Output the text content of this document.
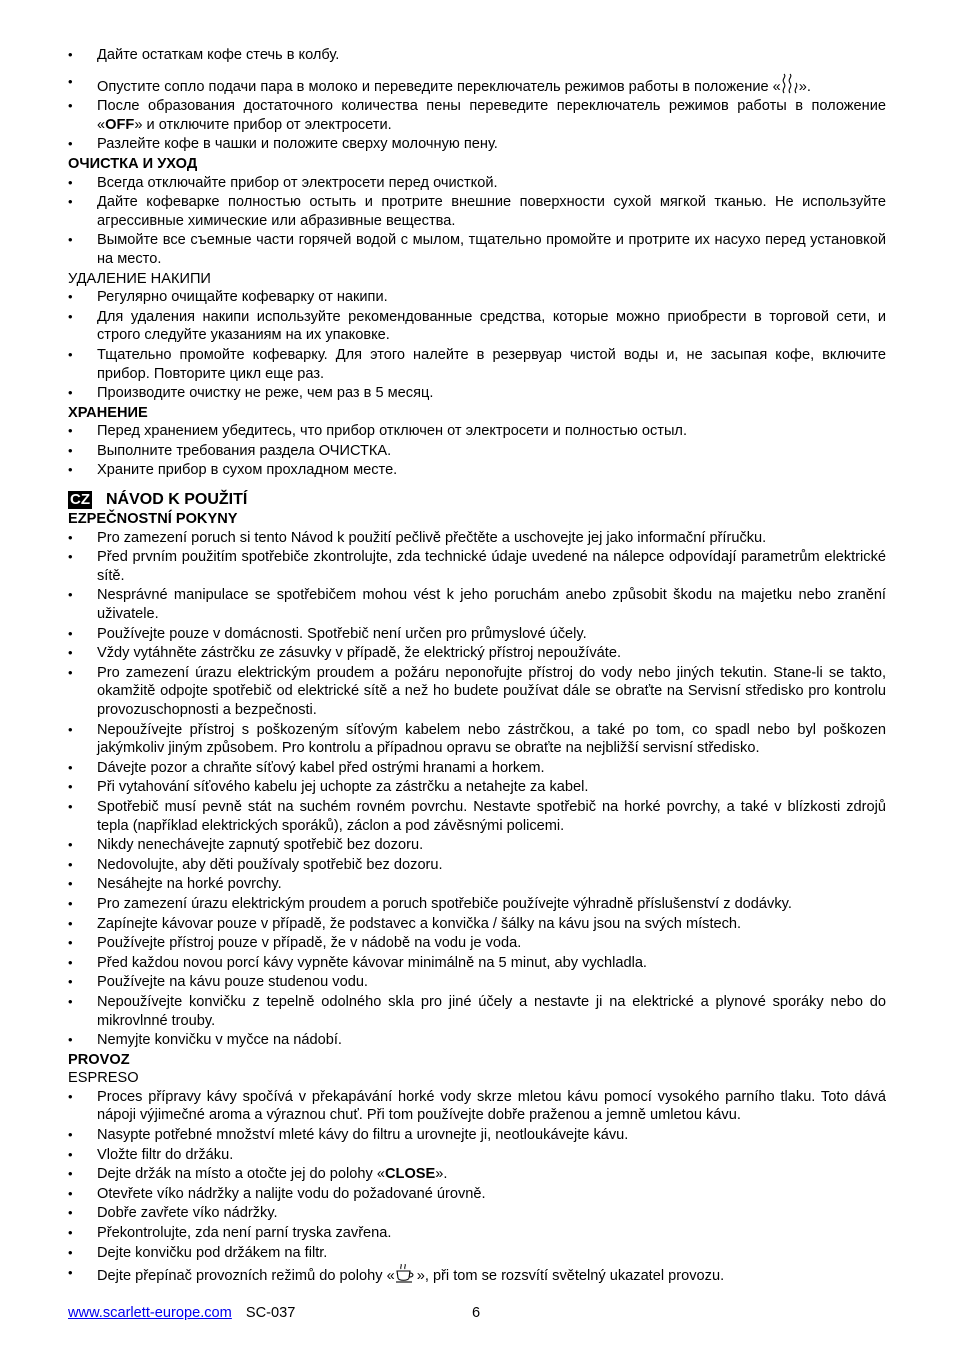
• Дайте остаткам кофе стечь в колбу.
• Опустите сопло подачи пара в молоко и переведите переключатель режимов работы в положение « ».
• После образования достаточного количества пены переведите переключатель режимов работы в положение «OFF» и отключите прибор от электросети.
• Разлейте кофе в чашки и положите сверху молочную пену.
ОЧИСТКА И УХОД
• Всегда отключайте прибор от электросети перед очисткой.
• Дайте кофеварке полностью остыть и протрите внешние поверхности сухой мягкой тканью. Не используйте агрессивные химические или абразивные вещества.
• Вымойте все съемные части горячей водой с мылом, тщательно промойте и протрите их насухо перед установкой на место.
УДАЛЕНИЕ НАКИПИ
• Регулярно очищайте кофеварку от накипи.
• Для удаления накипи используйте рекомендованные средства, которые можно приобрести в торговой сети, и строго следуйте указаниям на их упаковке.
• Тщательно промойте кофеварку. Для этого налейте в резервуар чистой воды и, не засыпая кофе, включите прибор. Повторите цикл еще раз.
• Производите очистку не реже, чем раз в 5 месяц.
ХРАНЕНИЕ
• Перед хранением убедитесь, что прибор отключен от электросети и полностью остыл.
• Выполните требования раздела ОЧИСТКА.
• Храните прибор в сухом прохладном месте.
CZ NÁVOD K POUŽITÍ
EZPEČNOSTNÍ POKYNY
• Pro zamezení poruch si tento Návod k použití pečlivě přečtěte a uschovejte jej jako informační příručku.
• Před prvním použitím spotřebiče zkontrolujte, zda technické údaje uvedené na nálepce odpovídají parametrům elektrické sítě.
• Nesprávné manipulace se spotřebičem mohou vést k jeho poruchám anebo způsobit škodu na majetku nebo zranění uživatele.
• Používejte pouze v domácnosti. Spotřebič není určen pro průmyslové účely.
• Vždy vytáhněte zástrčku ze zásuvky v případě, že elektrický přístroj nepoužíváte.
• Pro zamezení úrazu elektrickým proudem a požáru neponořujte přístroj do vody nebo jiných tekutin. Stane-li se takto, okamžitě odpojte spotřebič od elektrické sítě a než ho budete používat dále se obraťte na Servisní středisko pro kontrolu provozuschopnosti a bezpečnosti.
• Nepoužívejte přístroj s poškozeným síťovým kabelem nebo zástrčkou, a také po tom, co spadl nebo byl poškozen jakýmkoliv jiným způsobem. Pro kontrolu a případnou opravu se obraťte na nejbližší servisní středisko.
• Dávejte pozor a chraňte síťový kabel před ostrými hranami a horkem.
• Při vytahování síťového kabelu jej uchopte za zástrčku a netahejte za kabel.
• Spotřebič musí pevně stát na suchém rovném povrchu. Nestavte spotřebič na horké povrchy, a také v blízkosti zdrojů tepla (například elektrických sporáků), záclon a pod závěsnými policemi.
• Nikdy nenechávejte zapnutý spotřebič bez dozoru.
• Nedovolujte, aby děti používaly spotřebič bez dozoru.
• Nesáhejte na horké povrchy.
• Pro zamezení úrazu elektrickým proudem a poruch spotřebiče používejte výhradně příslušenství z dodávky.
• Zapínejte kávovar pouze v případě, že podstavec a konvička / šálky na kávu jsou na svých místech.
• Používejte přístroj pouze v případě, že v nádobě na vodu je voda.
• Před každou novou porcí kávy vypněte kávovar minimálně na 5 minut, aby vychladla.
• Používejte na kávu pouze studenou vodu.
• Nepoužívejte konvičku z tepelně odolného skla pro jiné účely a nestavte ji na elektrické a plynové sporáky nebo do mikrovlnné trouby.
• Nemyjte konvičku v myčce na nádobí.
PROVOZ
ESPRESO
• Proces přípravy kávy spočívá v překapávání horké vody skrze mletou kávu pomocí vysokého parního tlaku. Toto dává nápoji výjimečné aroma a výraznou chuť. Při tom používejte dobře praženou a jemně umletou kávu.
• Nasypte potřebné množství mleté kávy do filtru a urovnejte ji, neotloukávejte kávu.
• Vložte filtr do držáku.
• Dejte držák na místo a otočte jej do polohy «CLOSE».
• Otevřete víko nádržky a nalijte vodu do požadované úrovně.
• Dobře zavřete víko nádržky.
• Překontrolujte, zda není parní tryska zavřena.
• Dejte konvičku pod držákem na filtr.
• Dejte přepínač provozních režimů do polohy « », při tom se rozsvítí světelný ukazatel provozu.
www.scarlett-europe.com SC-037	6
